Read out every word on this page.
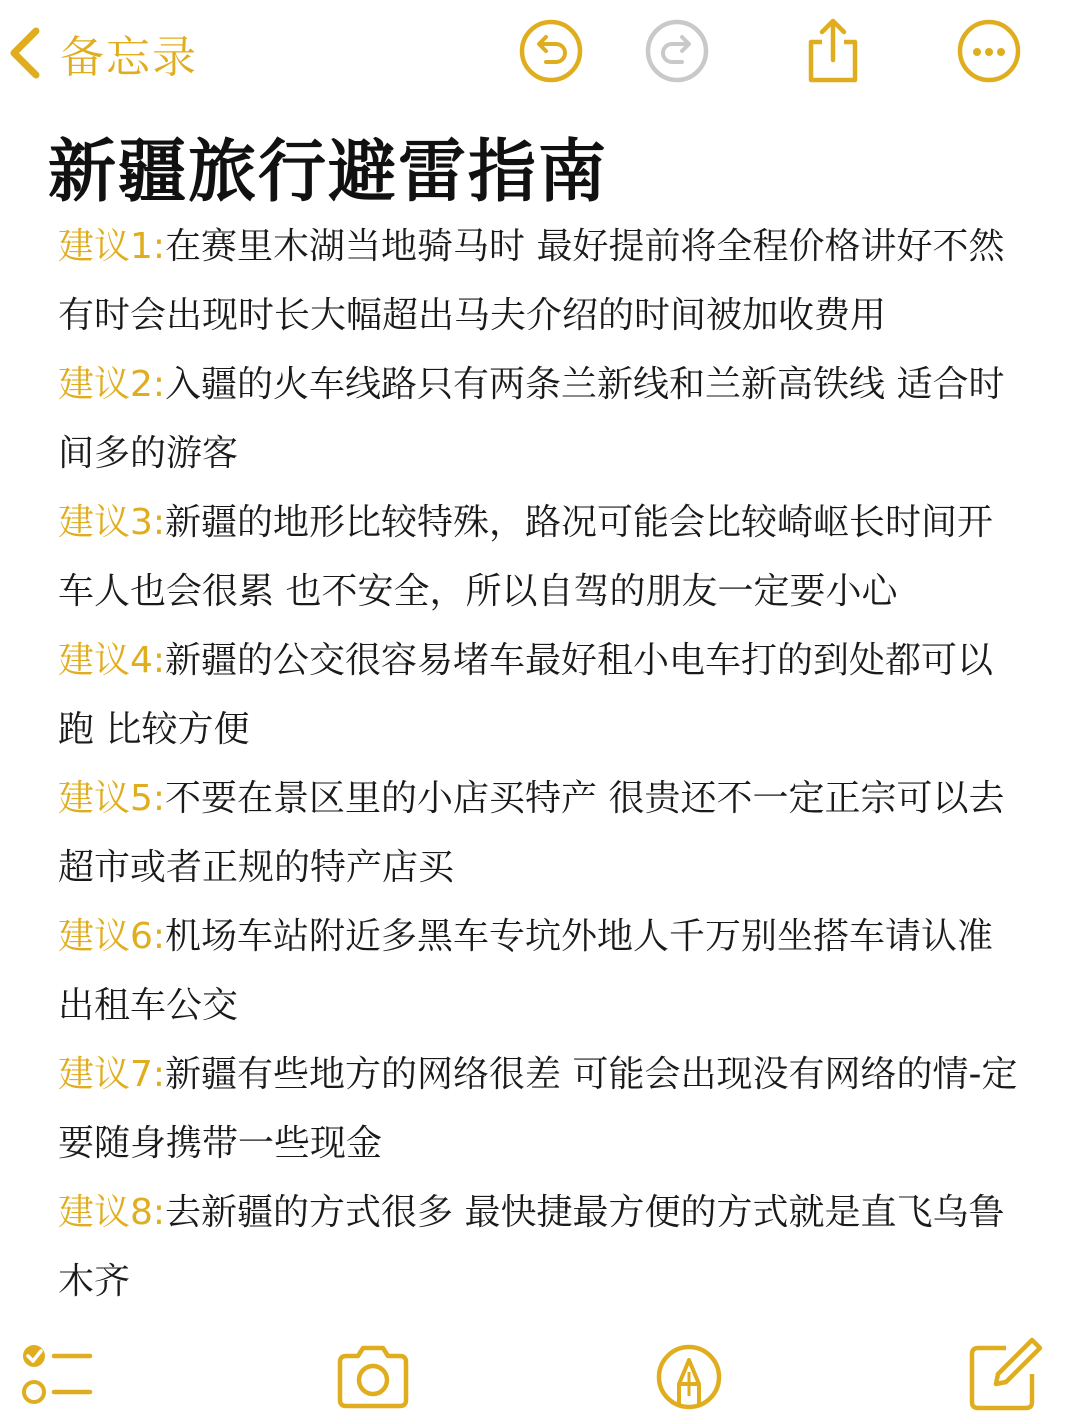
备忘录
新疆旅行避雷指南

建议1:在赛里木湖当地骑马时 最好提前将全程价格讲好不然有时会出现时长大幅超出马夫介绍的时间被加收费用

建议2:入疆的火车线路只有两条兰新线和兰新高铁线 适合时间多的游客

建议3:新疆的地形比较特殊，路况可能会比较崎岖长时间开车人也会很累 也不安全，所以自驾的朋友一定要小心

建议4:新疆的公交很容易堵车最好租小电车打的到处都可以跑 比较方便

建议5:不要在景区里的小店买特产 很贵还不一定正宗可以去超市或者正规的特产店买

建议6:机场车站附近多黑车专坑外地人千万别坐搭车请认准出租车公交

建议7:新疆有些地方的网络很差 可能会出现没有网络的情-定要随身携带一些现金

建议8:去新疆的方式很多 最快捷最方便的方式就是直飞乌鲁木齐
